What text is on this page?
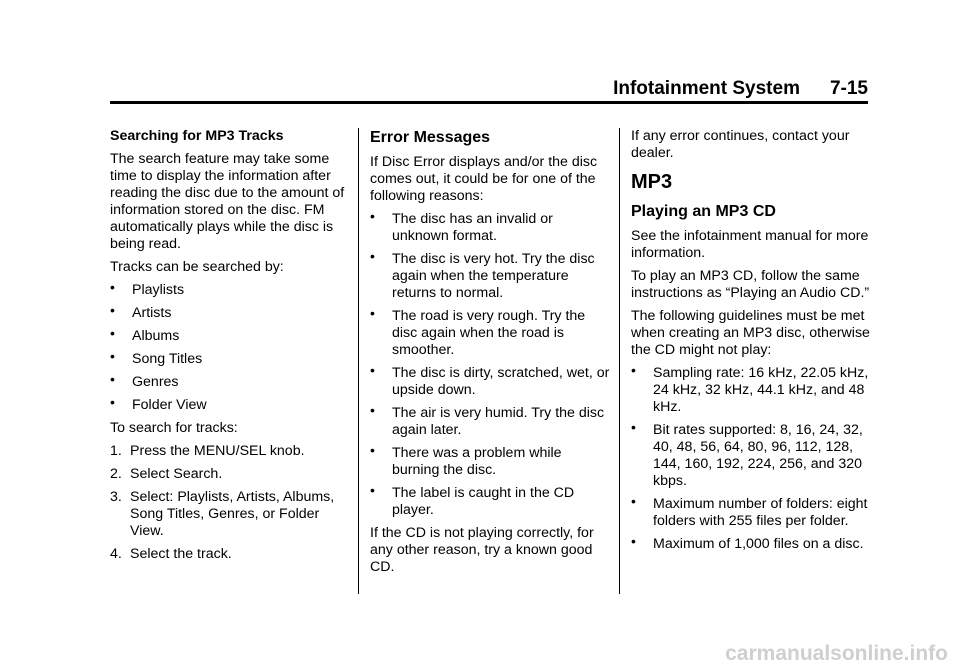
Infotainment System 7-15

Searching for MP3 Tracks

The search feature may take some time to display the information after reading the disc due to the amount of information stored on the disc. FM automatically plays while the disc is being read.

Tracks can be searched by:

• Playlists
• Artists
• Albums
• Song Titles
• Genres
• Folder View

To search for tracks:

1. Press the MENU/SEL knob.
2. Select Search.
3. Select: Playlists, Artists, Albums, Song Titles, Genres, or Folder View.
4. Select the track.
Error Messages

If Disc Error displays and/or the disc comes out, it could be for one of the following reasons:

• The disc has an invalid or unknown format.
• The disc is very hot. Try the disc again when the temperature returns to normal.
• The road is very rough. Try the disc again when the road is smoother.
• The disc is dirty, scratched, wet, or upside down.
• The air is very humid. Try the disc again later.
• There was a problem while burning the disc.
• The label is caught in the CD player.

If the CD is not playing correctly, for any other reason, try a known good CD.

If any error continues, contact your dealer.

MP3
Playing an MP3 CD

See the infotainment manual for more information.

To play an MP3 CD, follow the same instructions as “Playing an Audio CD.”

The following guidelines must be met when creating an MP3 disc, otherwise the CD might not play:

• Sampling rate: 16 kHz, 22.05 kHz, 24 kHz, 32 kHz, 44.1 kHz, and 48 kHz.
• Bit rates supported: 8, 16, 24, 32, 40, 48, 56, 64, 80, 96, 112, 128, 144, 160, 192, 224, 256, and 320 kbps.
• Maximum number of folders: eight folders with 255 files per folder.
• Maximum of 1,000 files on a disc.
carmanualsonline.info
